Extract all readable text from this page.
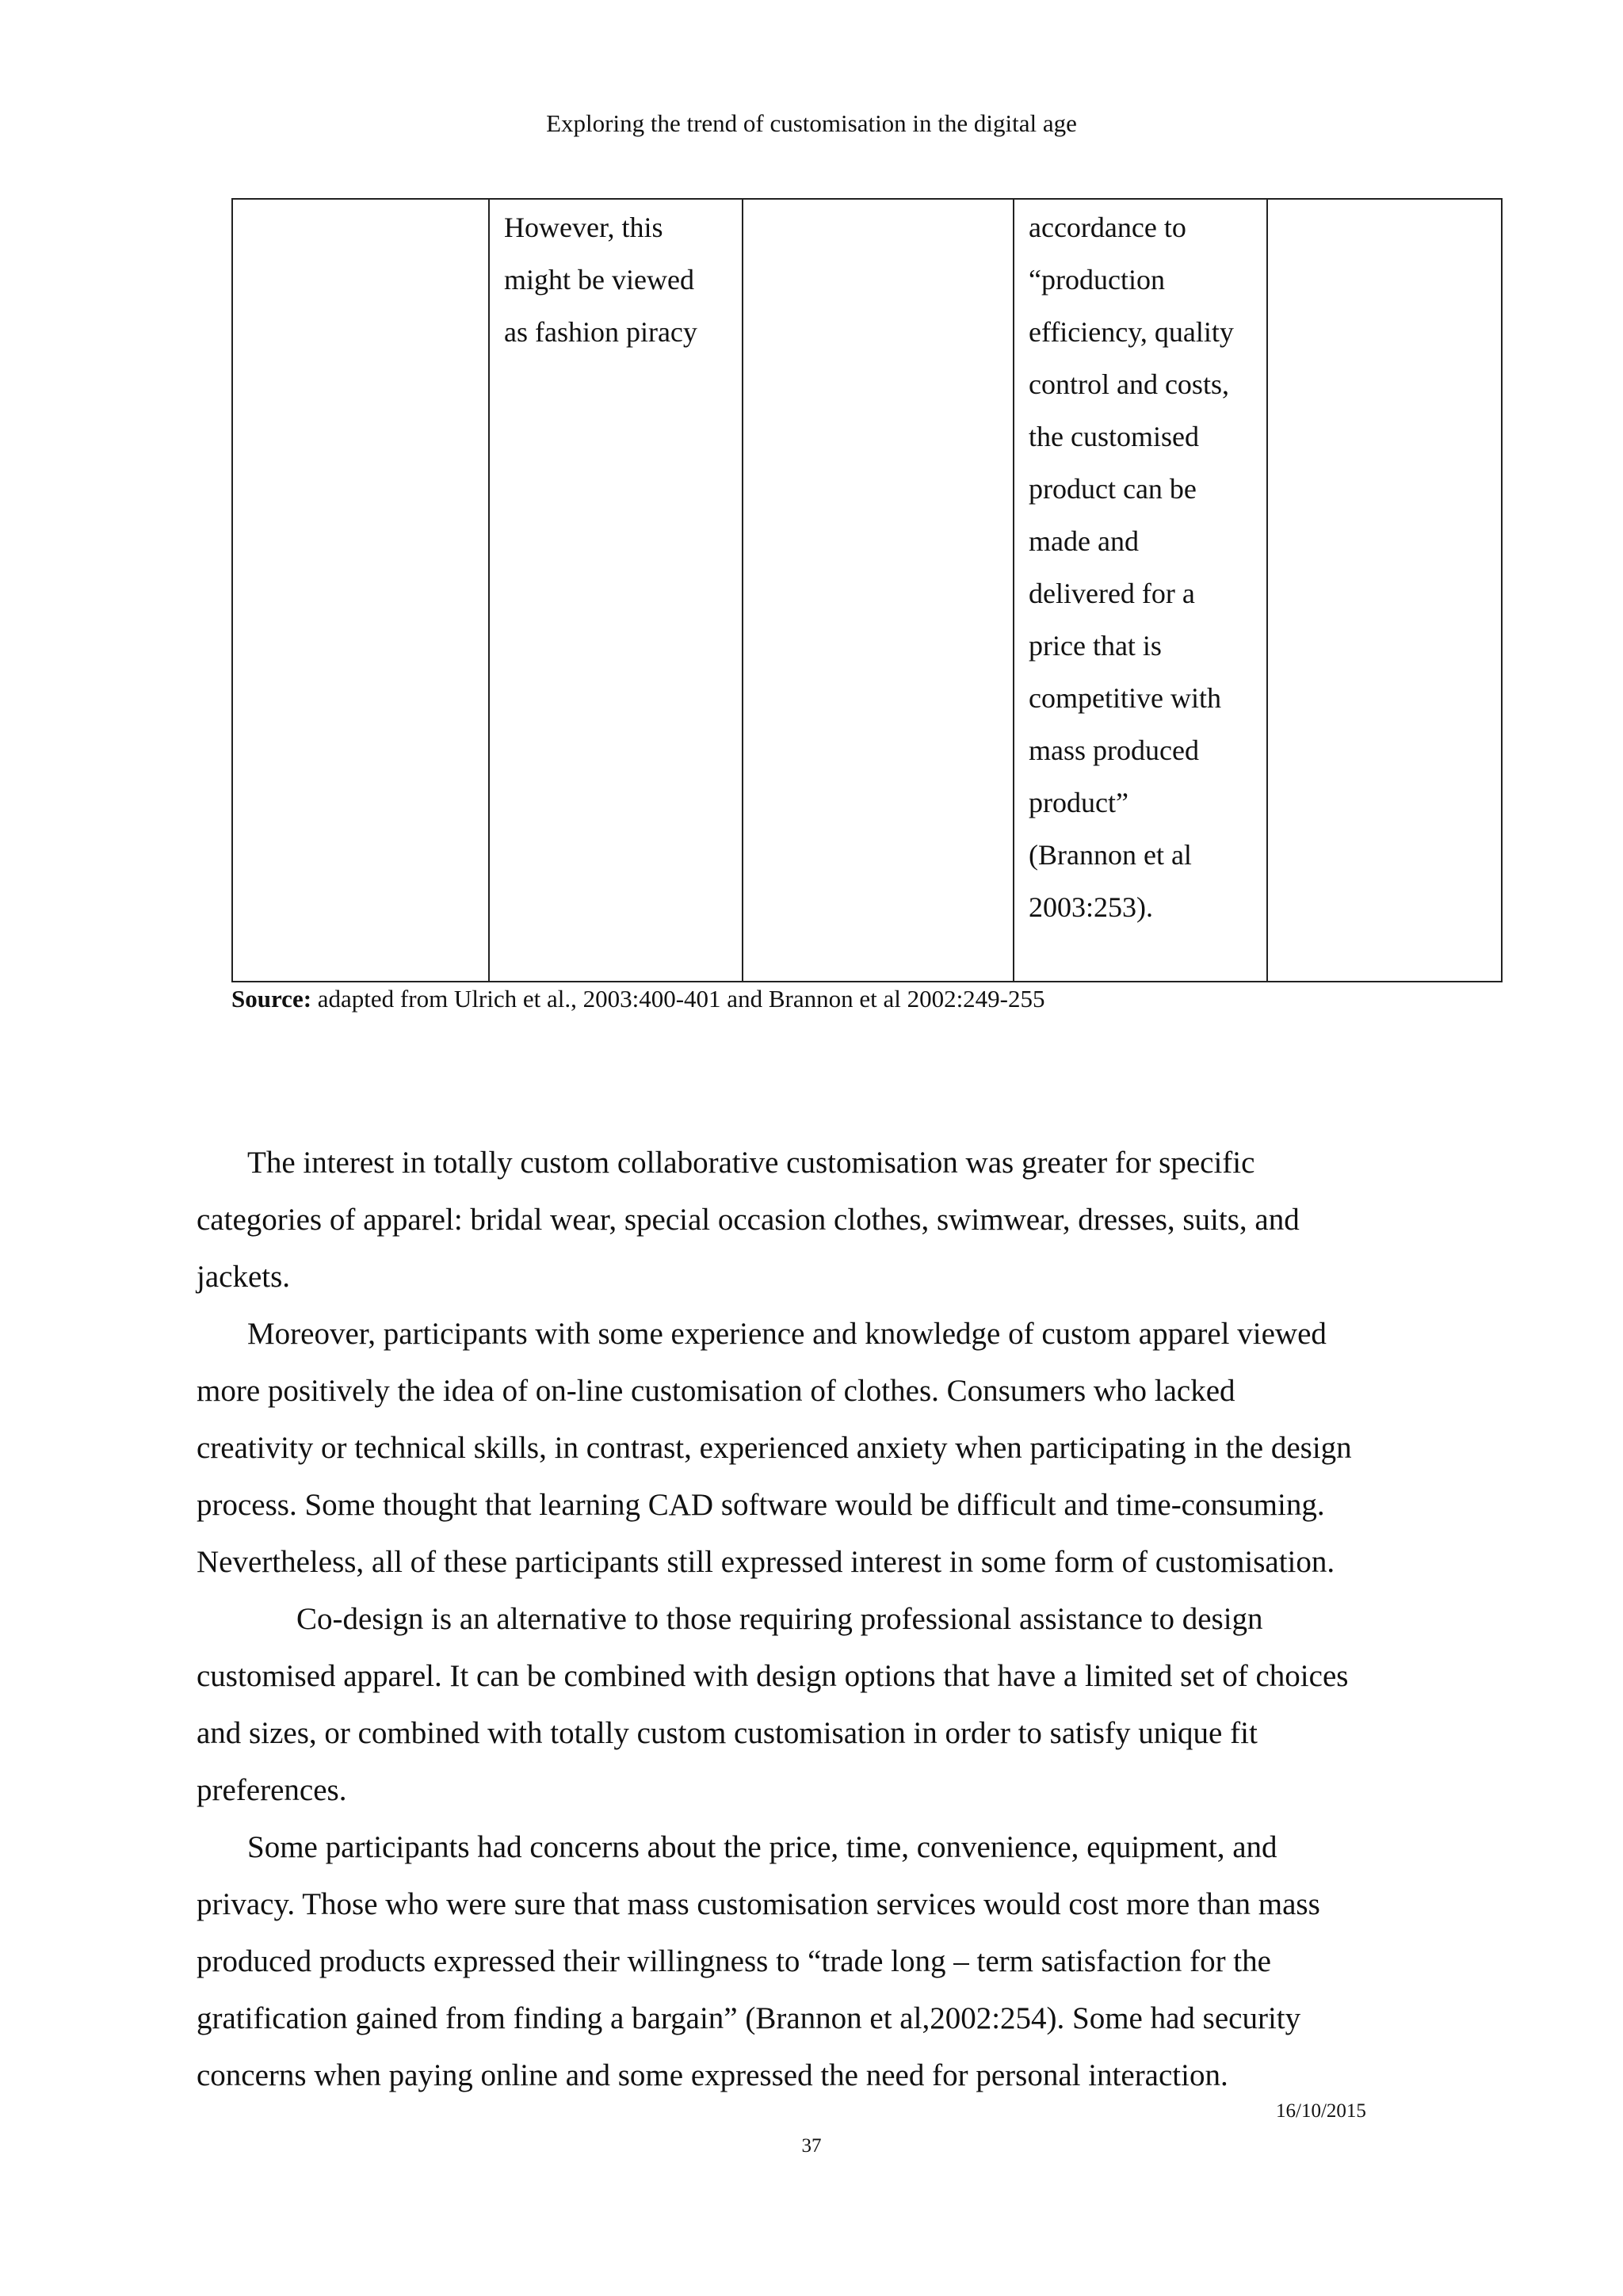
Exploring the trend of customisation in the digital age
However, this
might be viewed
as fashion piracy
accordance to
“production
efficiency, quality
control and costs,
the customised
product can be
made and
delivered for a
price that is
competitive with
mass produced
product”
(Brannon et al
2003:253).
Source: adapted from Ulrich et al., 2003:400-401 and Brannon et al 2002:249-255
The interest in totally custom collaborative customisation was greater for specific
categories of apparel: bridal wear, special occasion clothes, swimwear, dresses, suits, and
jackets.
Moreover, participants with some experience and knowledge of custom apparel viewed
more positively the idea of on-line customisation of clothes. Consumers who lacked
creativity or technical skills, in contrast, experienced anxiety when participating in the design
process. Some thought that learning CAD software would be difficult and time-consuming.
Nevertheless, all of these participants still expressed interest in some form of customisation.
Co-design is an alternative to those requiring professional assistance to design
customised apparel. It can be combined with design options that have a limited set of choices
and sizes, or combined with totally custom customisation in order to satisfy unique fit
preferences.
Some participants had concerns about the price, time, convenience, equipment, and
privacy. Those who were sure that mass customisation services would cost more than mass
produced products expressed their willingness to “trade long – term satisfaction for the
gratification gained from finding a bargain” (Brannon et al,2002:254). Some had security
concerns when paying online and some expressed the need for personal interaction.
16/10/2015
37
